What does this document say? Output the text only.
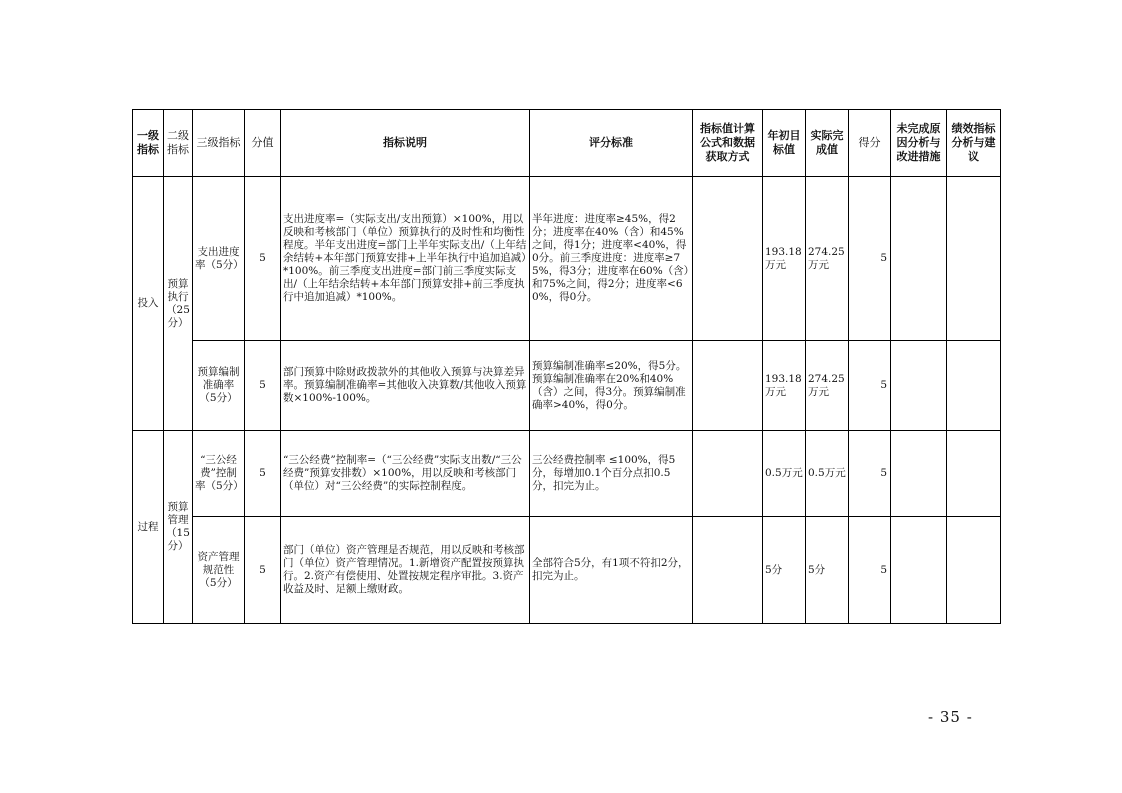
一级指标	二级指标	三级指标	分值	指标说明	评分标准	指标值计算公式和数据获取方式	年初目标值	实际完成值	得分	未完成原因分析与改进措施	绩效指标分析与建议
投入	预算执行（25分）	支出进度率（5分）	5	支出进度率=（实际支出/支出预算）×100%，用以反映和考核部门（单位）预算执行的及时性和均衡性程度。半年支出进度=部门上半年实际支出/（上年结余结转+本年部门预算安排+上半年执行中追加追减）*100%。前三季度支出进度=部门前三季度实际支出/（上年结余结转+本年部门预算安排+前三季度执行中追加追减）*100%。	半年进度：进度率≥45%，得2分；进度率在40%（含）和45%之间，得1分；进度率<40%，得0分。前三季度进度：进度率≥75%，得3分；进度率在60%（含）和75%之间，得2分；进度率<60%，得0分。		193.18万元	274.25万元	5		
		预算编制准确率（5分）	5	部门预算中除财政拨款外的其他收入预算与决算差异率。预算编制准确率=其他收入决算数/其他收入预算数×100%-100%。	预算编制准确率≤20%，得5分。预算编制准确率在20%和40%（含）之间，得3分。预算编制准确率>40%，得0分。		193.18万元	274.25万元	5		
过程	预算管理（15分）	“三公经费”控制率（5分）	5	“三公经费”控制率=（“三公经费”实际支出数/“三公经费”预算安排数）×100%，用以反映和考核部门（单位）对“三公经费”的实际控制程度。	三公经费控制率 ≤100%，得5分，每增加0.1个百分点扣0.5分，扣完为止。		0.5万元	0.5万元	5		
		资产管理规范性（5分）	5	部门（单位）资产管理是否规范，用以反映和考核部门（单位）资产管理情况。1.新增资产配置按预算执行。2.资产有偿使用、处置按规定程序审批。3.资产收益及时、足额上缴财政。	全部符合5分，有1项不符扣2分，扣完为止。		5分	5分	5		
- 35 -
